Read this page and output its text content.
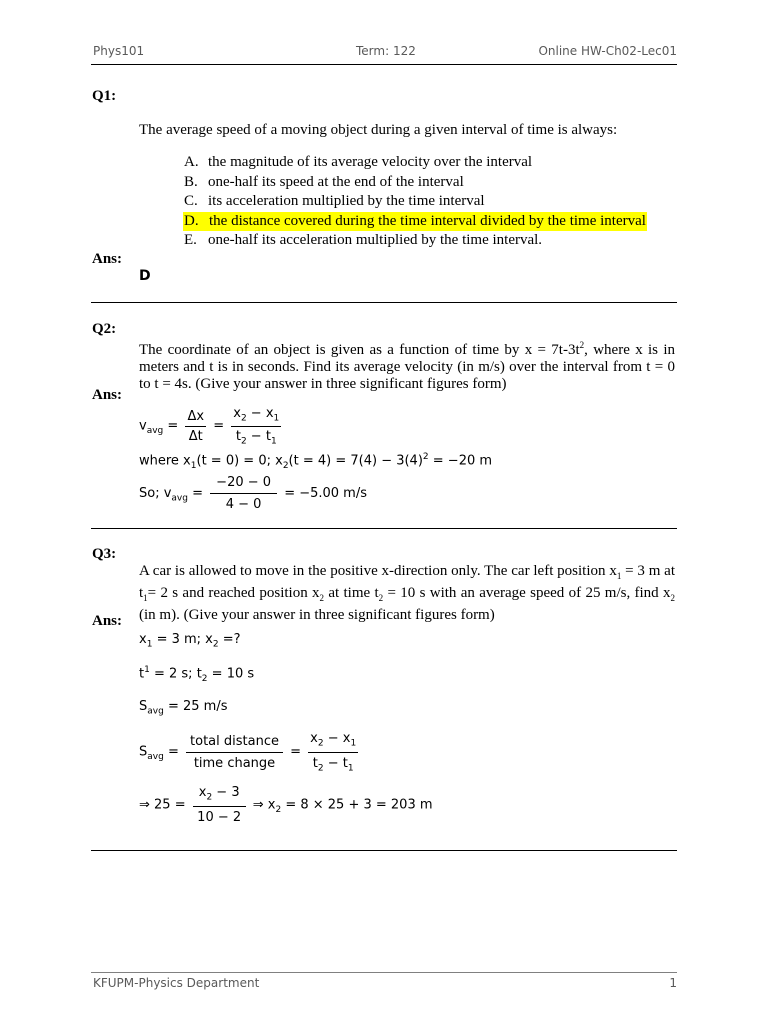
Phys101	Term: 122	Online HW-Ch02-Lec01
Q1:
The average speed of a moving object during a given interval of time is always:
A. the magnitude of its average velocity over the interval
B. one-half its speed at the end of the interval
C. its acceleration multiplied by the time interval
D. the distance covered during the time interval divided by the time interval
E. one-half its acceleration multiplied by the time interval.
Ans:
D
Q2:
The coordinate of an object is given as a function of time by $x = 7t-3t^2$, where x is in meters and t is in seconds. Find its average velocity (in m/s) over the interval from t = 0 to t = 4s. (Give your answer in three significant figures form)
Ans:
$v_{avg} = \frac{\Delta x}{\Delta t} = \frac{x_2 - x_1}{t_2 - t_1}$
where $x_1(t = 0) = 0$; $x_2(t = 4) = 7(4) - 3(4)^2 = -20$ m
So; $v_{avg} = \frac{-20 - 0}{4 - 0} = -5.00$ m/s
Q3:
A car is allowed to move in the positive x-direction only. The car left position $x_1 = 3$ m at $t_1= 2$ s and reached position $x_2$ at time $t_2 = 10$ s with an average speed of 25 m/s, find $x_2$ (in m). (Give your answer in three significant figures form)
Ans:
$x_1 = 3$ m; $x_2$ =?
$t^1 = 2$ s; $t_2 = 10$ s
$S_{avg} = 25$ m/s
$S_{avg} = \frac{\text{total distance}}{\text{time change}} = \frac{x_2 - x_1}{t_2 - t_1}$
⇒ $25 = \frac{x_2 - 3}{10 - 2}$ ⇒ $x_2 = 8 \times 25 + 3 = 203$ m
KFUPM-Physics Department	1
